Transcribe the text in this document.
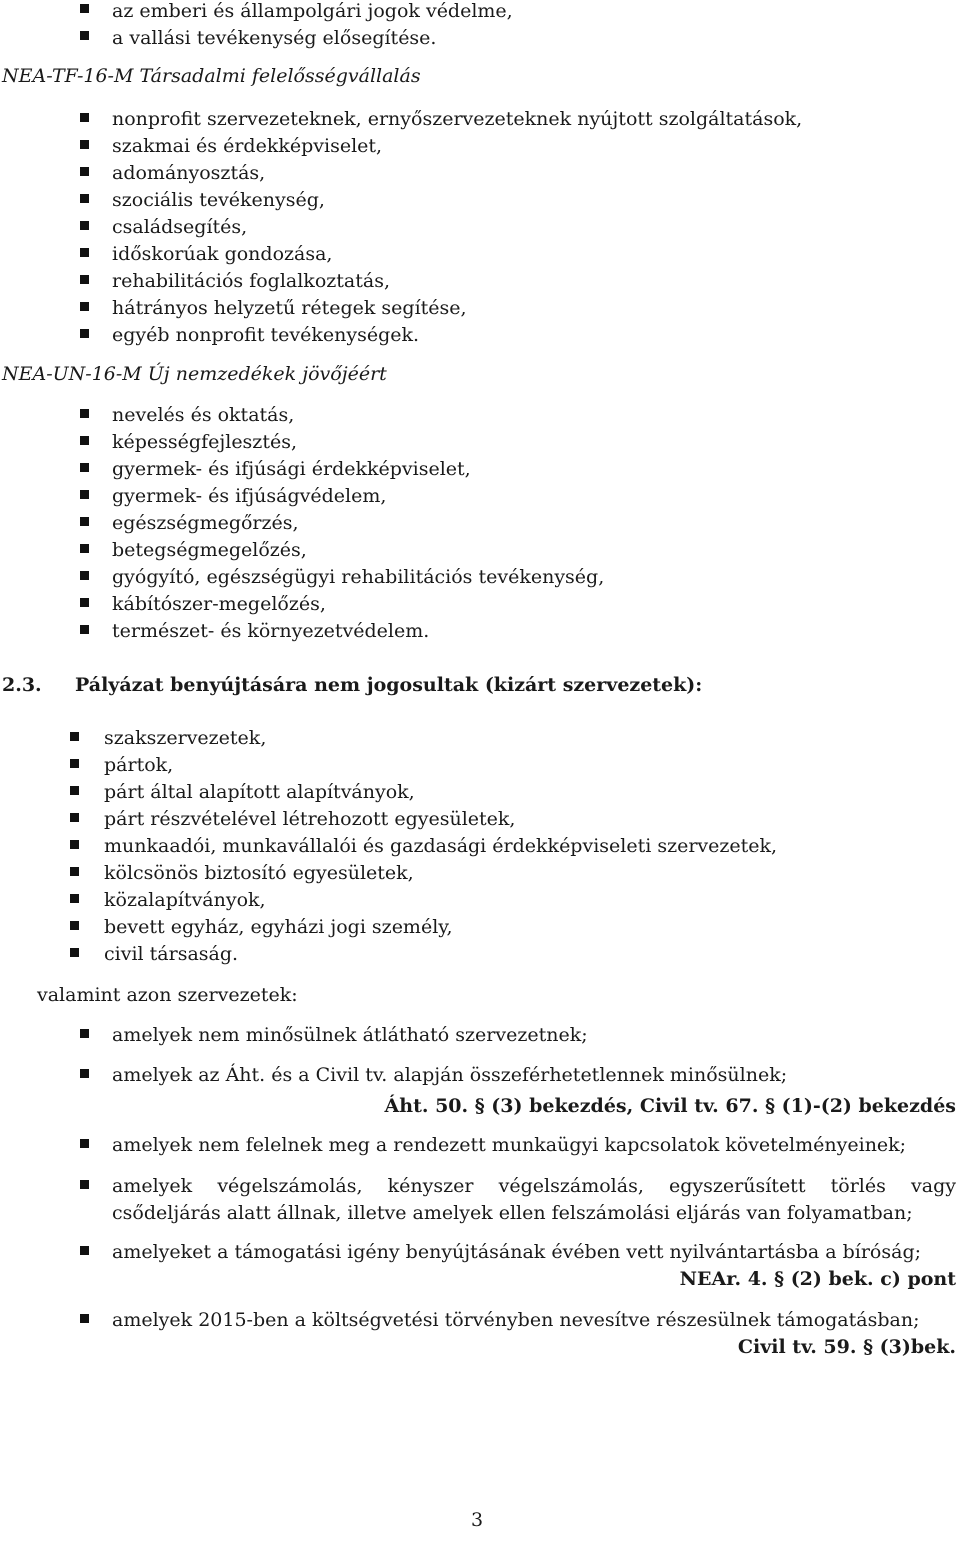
az emberi és állampolgári jogok védelme,

a vallási tevékenység elősegítése.

NEA-TF-16-M Társadalmi felelősségvállalás

nonprofit szervezeteknek, ernyőszervezeteknek nyújtott szolgáltatások,

szakmai és érdekképviselet,

adományosztás,

szociális tevékenység,

családsegítés,

időskorúak gondozása,

rehabilitációs foglalkoztatás,

hátrányos helyzetű rétegek segítése,

egyéb nonprofit tevékenységek.

NEA-UN-16-M Új nemzedékek jövőjéért

nevelés és oktatás,

képességfejlesztés,

gyermek- és ifjúsági érdekképviselet,

gyermek- és ifjúságvédelem,

egészségmegőrzés,

betegségmegelőzés,

gyógyító, egészségügyi rehabilitációs tevékenység,

kábítószer-megelőzés,

természet- és környezetvédelem.

2.3. Pályázat benyújtására nem jogosultak (kizárt szervezetek):

szakszervezetek,

pártok,

párt által alapított alapítványok,

párt részvételével létrehozott egyesületek,

munkaadói, munkavállalói és gazdasági érdekképviseleti szervezetek,

kölcsönös biztosító egyesületek,

közalapítványok,

bevett egyház, egyházi jogi személy,

civil társaság.

valamint azon szervezetek:

amelyek nem minősülnek átlátható szervezetnek;

amelyek az Áht. és a Civil tv. alapján összeférhetetlennek minősülnek;

Áht. 50. § (3) bekezdés, Civil tv. 67. § (1)-(2) bekezdés

amelyek nem felelnek meg a rendezett munkaügyi kapcsolatok követelményeinek;

amelyek végelszámolás, kényszer végelszámolás, egyszerűsített törlés vagy

csődeljárás alatt állnak, illetve amelyek ellen felszámolási eljárás van folyamatban;

amelyeket a támogatási igény benyújtásának évében vett nyilvántartásba a bíróság;

NEAr. 4. § (2) bek. c) pont

amelyek 2015-ben a költségvetési törvényben nevesítve részesülnek támogatásban;

Civil tv. 59. § (3)bek.

3
